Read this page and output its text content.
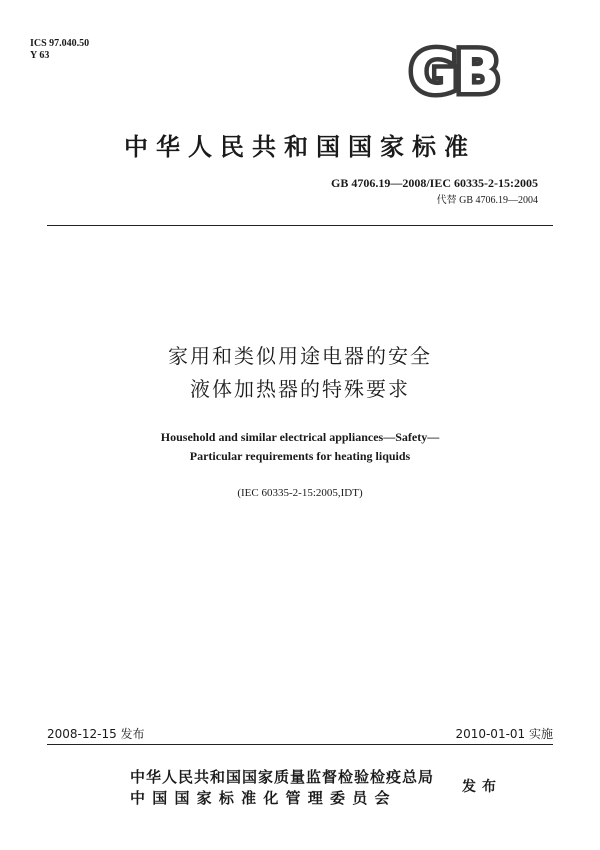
ICS 97.040.50
Y 63	GB
中华人民共和国国家标准
GB 4706.19—2008/IEC 60335-2-15:2005
代替 GB 4706.19—2004
家用和类似用途电器的安全
液体加热器的特殊要求
Household and similar electrical appliances—Safety—
Particular requirements for heating liquids
(IEC 60335-2-15:2005,IDT)
2008-12-15 发布	2010-01-01 实施
中华人民共和国国家质量监督检验检疫总局
中 国 国 家 标 准 化 管 理 委 员 会
发布
